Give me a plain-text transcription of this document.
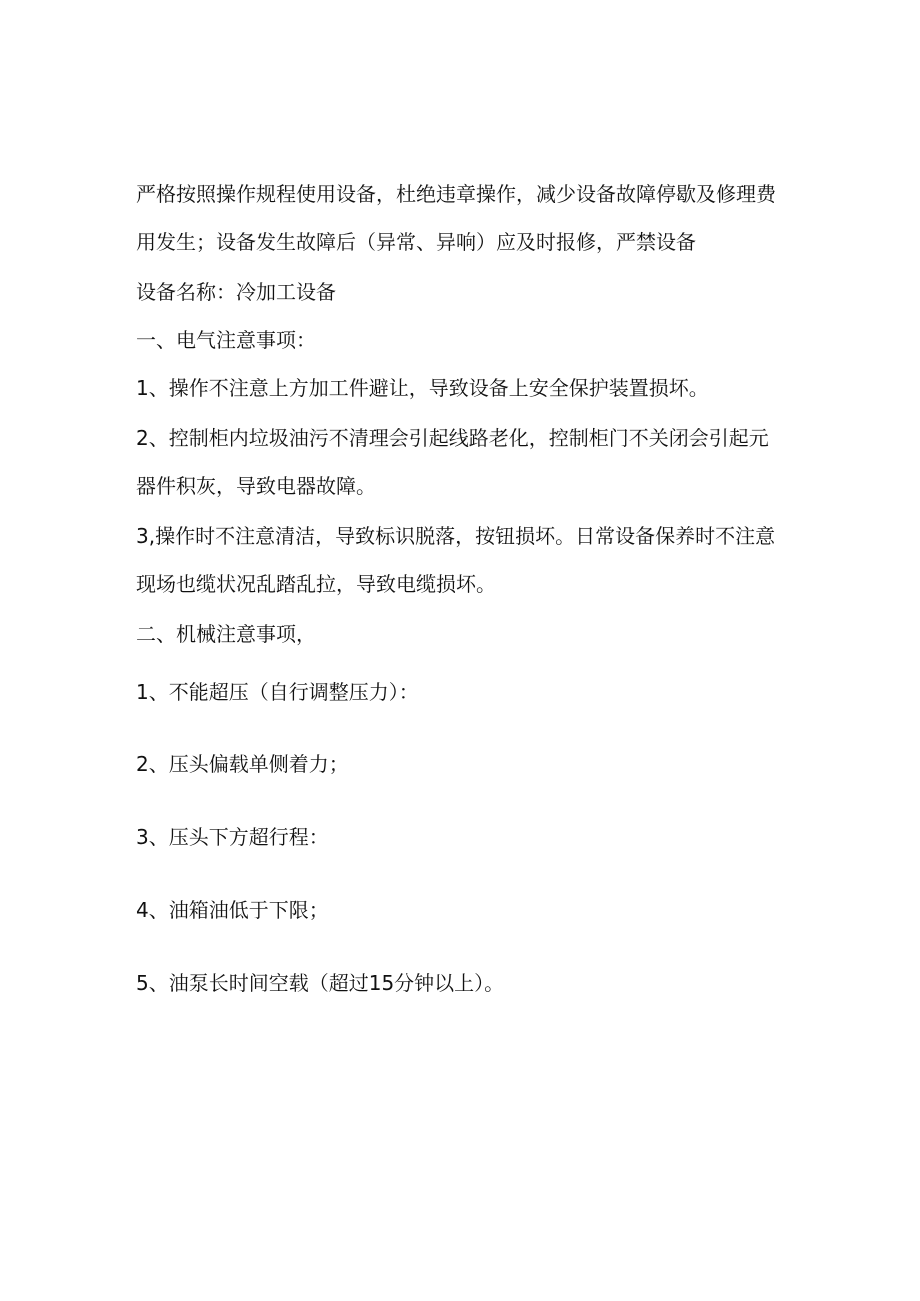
严格按照操作规程使用设备，杜绝违章操作，减少设备故障停歇及修理费
用发生；设备发生故障后（异常、异响）应及时报修，严禁设备
设备名称：冷加工设备
一、电气注意事项：
1、操作不注意上方加工件避让，导致设备上安全保护装置损坏。
2、控制柜内垃圾油污不清理会引起线路老化，控制柜门不关闭会引起元
器件积灰，导致电器故障。
3,操作时不注意清洁，导致标识脱落，按钮损坏。日常设备保养时不注意
现场也缆状况乱踏乱拉，导致电缆损坏。
二、机械注意事项，
1、不能超压（自行调整压力）：
2、压头偏载单侧着力；
3、压头下方超行程：
4、油箱油低于下限；
5、油泵长时间空载（超过15分钟以上）。
